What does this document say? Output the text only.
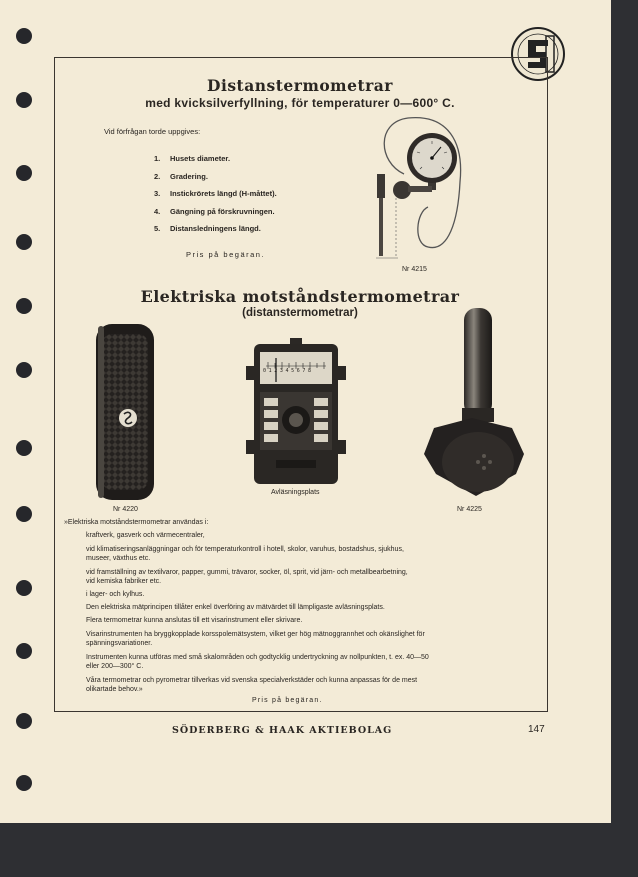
Distanstermometrar
med kvicksilverfyllning, för temperaturer 0—600° C.
Vid förfrågan torde uppgives:
1. Husets diameter.
2. Gradering.
3. Instickrörets längd (H-måttet).
4. Gängning på förskruvningen.
5. Distansledningens längd.
Pris på begäran.
Nr 4215
Elektriska motståndstermometrar
(distanstermometrar)
Nr 4220
0 1 2 3 4 5 6 7 8
Avläsningsplats
Nr 4225
»Elektriska motståndstermometrar användas i:
kraftverk, gasverk och värmecentraler,
vid klimatiseringsanläggningar och för temperaturkontroll i hotell, skolor, varuhus, bostadshus, sjukhus,
museer, växthus etc.
vid framställning av textilvaror, papper, gummi, trävaror, socker, öl, sprit, vid järn- och metallbearbetning,
vid kemiska fabriker etc.
i lager- och kylhus.
Den elektriska mätprincipen tillåter enkel överföring av mätvärdet till lämpligaste avläsningsplats.
Flera termometrar kunna anslutas till ett visarinstrument eller skrivare.
Visarinstrumenten ha bryggkopplade korsspolemätsystem, vilket ger hög mätnoggrannhet och okänslighet för
spänningsvariationer.
Instrumenten kunna utföras med små skalområden och godtycklig undertryckning av nollpunkten, t. ex. 40—50
eller 200—300° C.
Våra termometrar och pyrometrar tillverkas vid svenska specialverkstäder och kunna anpassas för de mest
olikartade behov.»
Pris på begäran.
SÖDERBERG & HAAK AKTIEBOLAG	147
